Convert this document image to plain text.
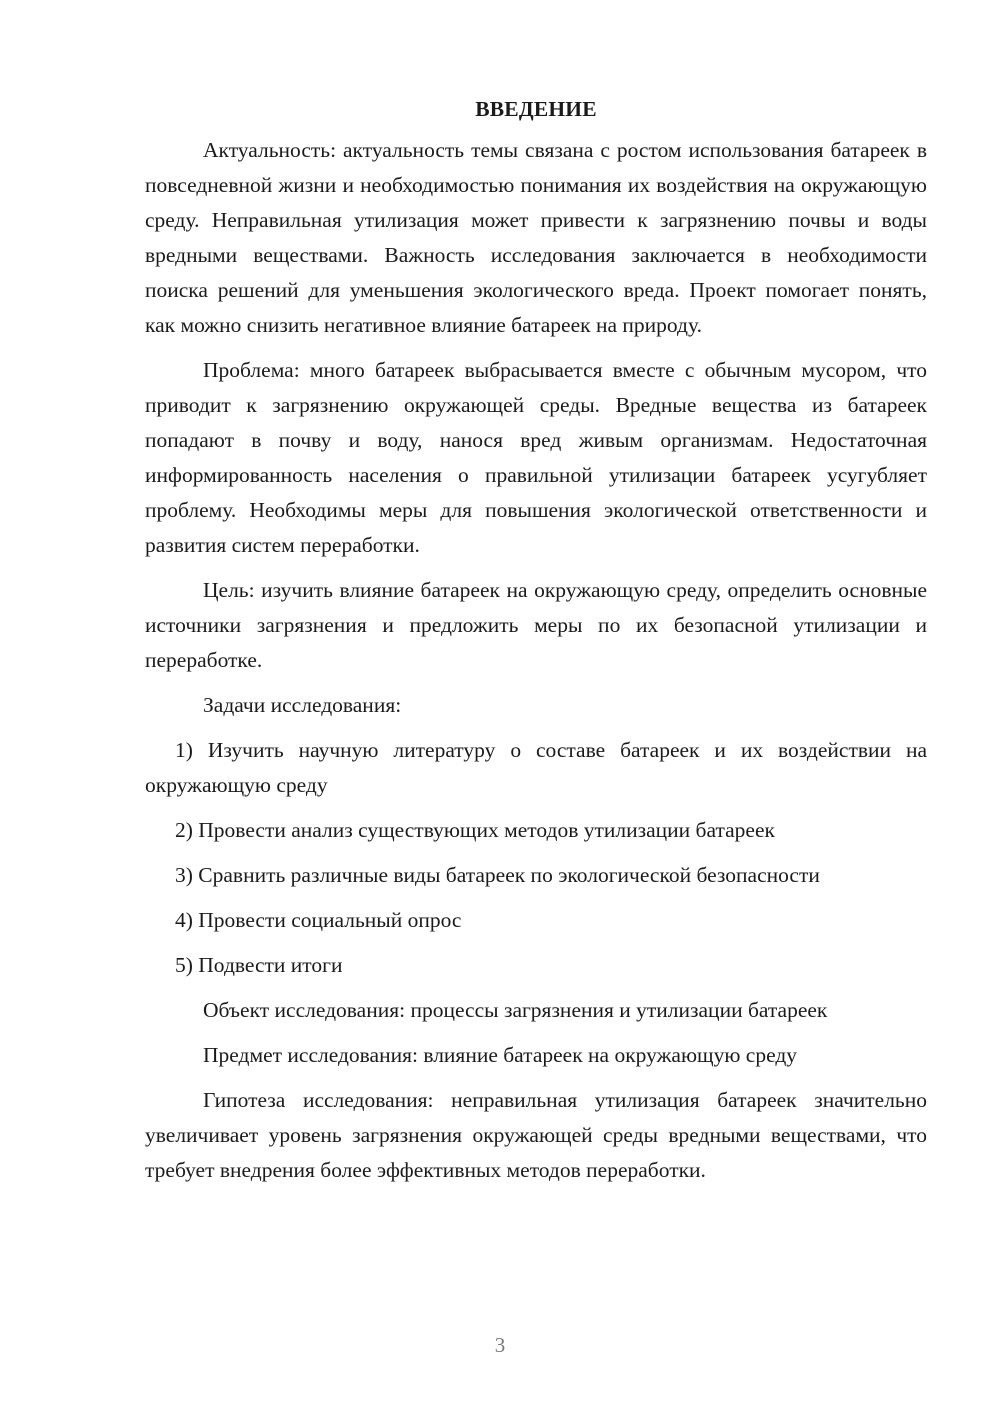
ВВЕДЕНИЕ

Актуальность: актуальность темы связана с ростом использования батареек в повседневной жизни и необходимостью понимания их воздействия на окружающую среду. Неправильная утилизация может привести к загрязнению почвы и воды вредными веществами. Важность исследования заключается в необходимости поиска решений для уменьшения экологического вреда. Проект помогает понять, как можно снизить негативное влияние батареек на природу.

Проблема: много батареек выбрасывается вместе с обычным мусором, что приводит к загрязнению окружающей среды. Вредные вещества из батареек попадают в почву и воду, нанося вред живым организмам. Недостаточная информированность населения о правильной утилизации батареек усугубляет проблему. Необходимы меры для повышения экологической ответственности и развития систем переработки.

Цель: изучить влияние батареек на окружающую среду, определить основные источники загрязнения и предложить меры по их безопасной утилизации и переработке.

Задачи исследования:

1) Изучить научную литературу о составе батареек и их воздействии на окружающую среду

2) Провести анализ существующих методов утилизации батареек

3) Сравнить различные виды батареек по экологической безопасности

4) Провести социальный опрос

5) Подвести итоги

Объект исследования: процессы загрязнения и утилизации батареек

Предмет исследования: влияние батареек на окружающую среду

Гипотеза исследования: неправильная утилизация батареек значительно увеличивает уровень загрязнения окружающей среды вредными веществами, что требует внедрения более эффективных методов переработки.

3
